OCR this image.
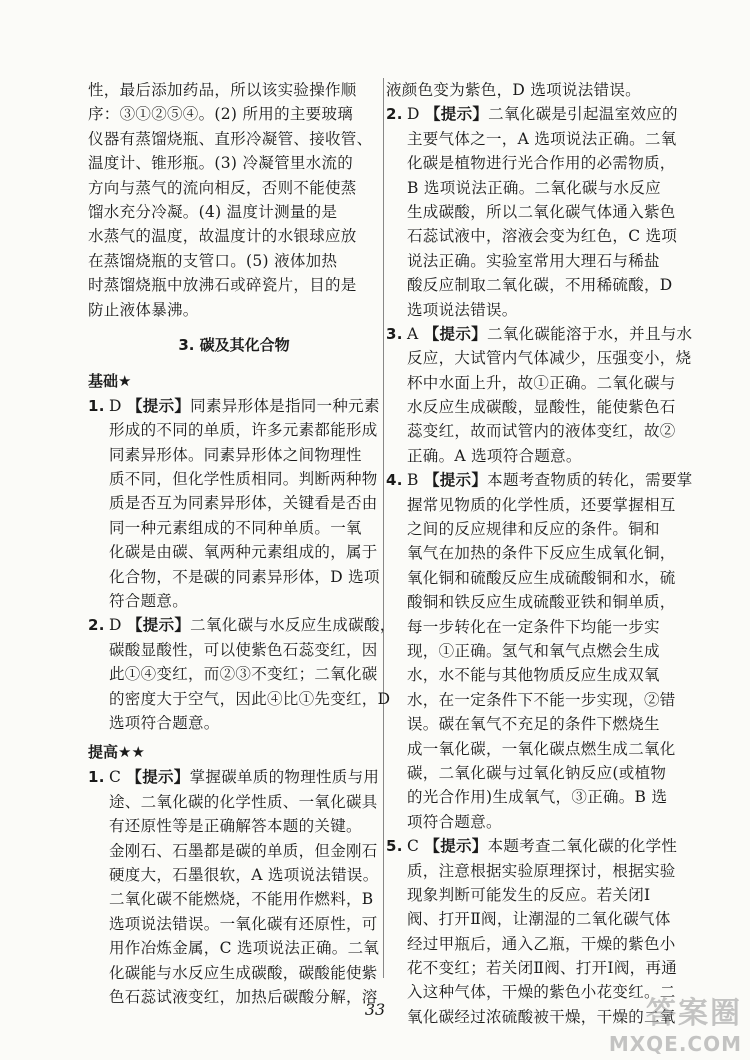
性，最后添加药品，所以该实验操作顺
序：③①②⑤④。(2) 所用的主要玻璃
仪器有蒸馏烧瓶、直形冷凝管、接收管、
温度计、锥形瓶。(3) 冷凝管里水流的
方向与蒸气的流向相反，否则不能使蒸
馏水充分冷凝。(4) 温度计测量的是
水蒸气的温度，故温度计的水银球应放
在蒸馏烧瓶的支管口。(5) 液体加热
时蒸馏烧瓶中放沸石或碎瓷片，目的是
防止液体暴沸。
3. 碳及其化合物
基础★
1. D 【提示】同素异形体是指同一种元素
形成的不同的单质，许多元素都能形成
同素异形体。同素异形体之间物理性
质不同，但化学性质相同。判断两种物
质是否互为同素异形体，关键看是否由
同一种元素组成的不同种单质。一氧
化碳是由碳、氧两种元素组成的，属于
化合物，不是碳的同素异形体，D 选项
符合题意。
2. D 【提示】二氧化碳与水反应生成碳酸，
碳酸显酸性，可以使紫色石蕊变红，因
此①④变红，而②③不变红；二氧化碳
的密度大于空气，因此④比①先变红，D
选项符合题意。
提高★★
1. C 【提示】掌握碳单质的物理性质与用
途、二氧化碳的化学性质、一氧化碳具
有还原性等是正确解答本题的关键。
金刚石、石墨都是碳的单质，但金刚石
硬度大，石墨很软，A 选项说法错误。
二氧化碳不能燃烧，不能用作燃料，B
选项说法错误。一氧化碳有还原性，可
用作冶炼金属，C 选项说法正确。二氧
化碳能与水反应生成碳酸，碳酸能使紫
色石蕊试液变红，加热后碳酸分解，溶
液颜色变为紫色，D 选项说法错误。
2. D 【提示】二氧化碳是引起温室效应的
主要气体之一，A 选项说法正确。二氧
化碳是植物进行光合作用的必需物质，
B 选项说法正确。二氧化碳与水反应
生成碳酸，所以二氧化碳气体通入紫色
石蕊试液中，溶液会变为红色，C 选项
说法正确。实验室常用大理石与稀盐
酸反应制取二氧化碳，不用稀硫酸，D
选项说法错误。
3. A 【提示】二氧化碳能溶于水，并且与水
反应，大试管内气体减少，压强变小，烧
杯中水面上升，故①正确。二氧化碳与
水反应生成碳酸，显酸性，能使紫色石
蕊变红，故而试管内的液体变红，故②
正确。A 选项符合题意。
4. B 【提示】本题考查物质的转化，需要掌
握常见物质的化学性质，还要掌握相互
之间的反应规律和反应的条件。铜和
氧气在加热的条件下反应生成氧化铜，
氧化铜和硫酸反应生成硫酸铜和水，硫
酸铜和铁反应生成硫酸亚铁和铜单质，
每一步转化在一定条件下均能一步实
现，①正确。氢气和氧气点燃会生成
水，水不能与其他物质反应生成双氧
水，在一定条件下不能一步实现，②错
误。碳在氧气不充足的条件下燃烧生
成一氧化碳，一氧化碳点燃生成二氧化
碳，二氧化碳与过氧化钠反应(或植物
的光合作用)生成氧气，③正确。B 选
项符合题意。
5. C 【提示】本题考查二氧化碳的化学性
质，注意根据实验原理探讨，根据实验
现象判断可能发生的反应。若关闭Ⅰ
阀、打开Ⅱ阀，让潮湿的二氧化碳气体
经过甲瓶后，通入乙瓶，干燥的紫色小
花不变红；若关闭Ⅱ阀、打开Ⅰ阀，再通
入这种气体，干燥的紫色小花变红。二
氧化碳经过浓硫酸被干燥，干燥的二氧
33	答案圈
MXQE.COM
